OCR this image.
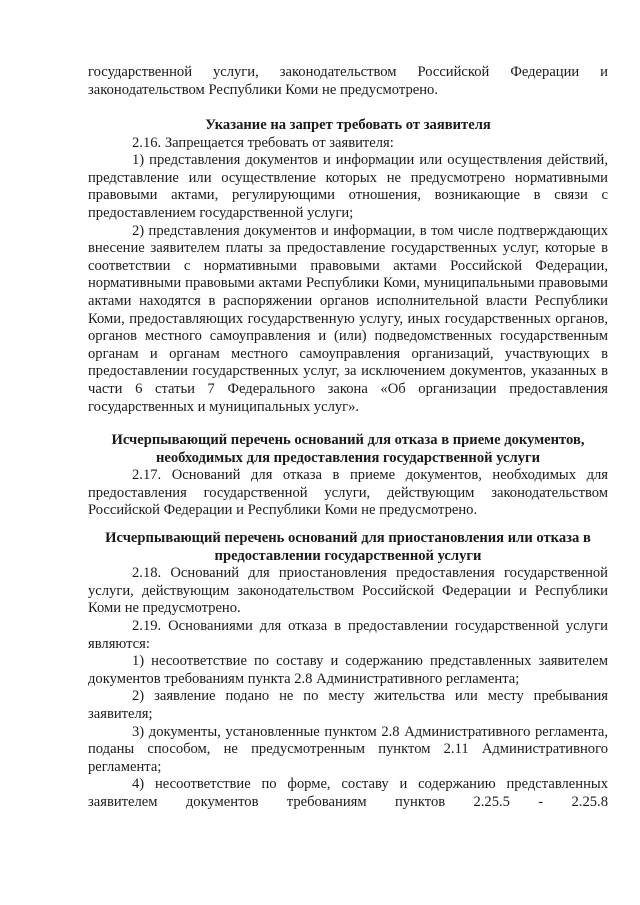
государственной услуги, законодательством Российской Федерации и законодательством Республики Коми не предусмотрено.

Указание на запрет требовать от заявителя

2.16. Запрещается требовать от заявителя:

1) представления документов и информации или осуществления действий, представление или осуществление которых не предусмотрено нормативными правовыми актами, регулирующими отношения, возникающие в связи с предоставлением государственной услуги;

2) представления документов и информации, в том числе подтверждающих внесение заявителем платы за предоставление государственных услуг, которые в соответствии с нормативными правовыми актами Российской Федерации, нормативными правовыми актами Республики Коми, муниципальными правовыми актами находятся в распоряжении органов исполнительной власти Республики Коми, предоставляющих государственную услугу, иных государственных органов, органов местного самоуправления и (или) подведомственных государственным органам и органам местного самоуправления организаций, участвующих в предоставлении государственных услуг, за исключением документов, указанных в части 6 статьи 7 Федерального закона «Об организации предоставления государственных и муниципальных услуг».

Исчерпывающий перечень оснований для отказа в приеме документов,

необходимых для предоставления государственной услуги

2.17. Оснований для отказа в приеме документов, необходимых для предоставления государственной услуги, действующим законодательством Российской Федерации и Республики Коми не предусмотрено.

Исчерпывающий перечень оснований для приостановления или отказа в

предоставлении государственной услуги

2.18. Оснований для приостановления предоставления государственной услуги, действующим законодательством Российской Федерации и Республики Коми не предусмотрено.

2.19. Основаниями для отказа в предоставлении государственной услуги являются:

1) несоответствие по составу и содержанию представленных заявителем документов требованиям пункта 2.8 Административного регламента;

2) заявление подано не по месту жительства или месту пребывания заявителя;

3) документы, установленные пунктом 2.8 Административного регламента, поданы способом, не предусмотренным пунктом 2.11 Административного регламента;

4) несоответствие по форме, составу и содержанию представленных заявителем документов требованиям пунктов 2.25.5 - 2.25.8
